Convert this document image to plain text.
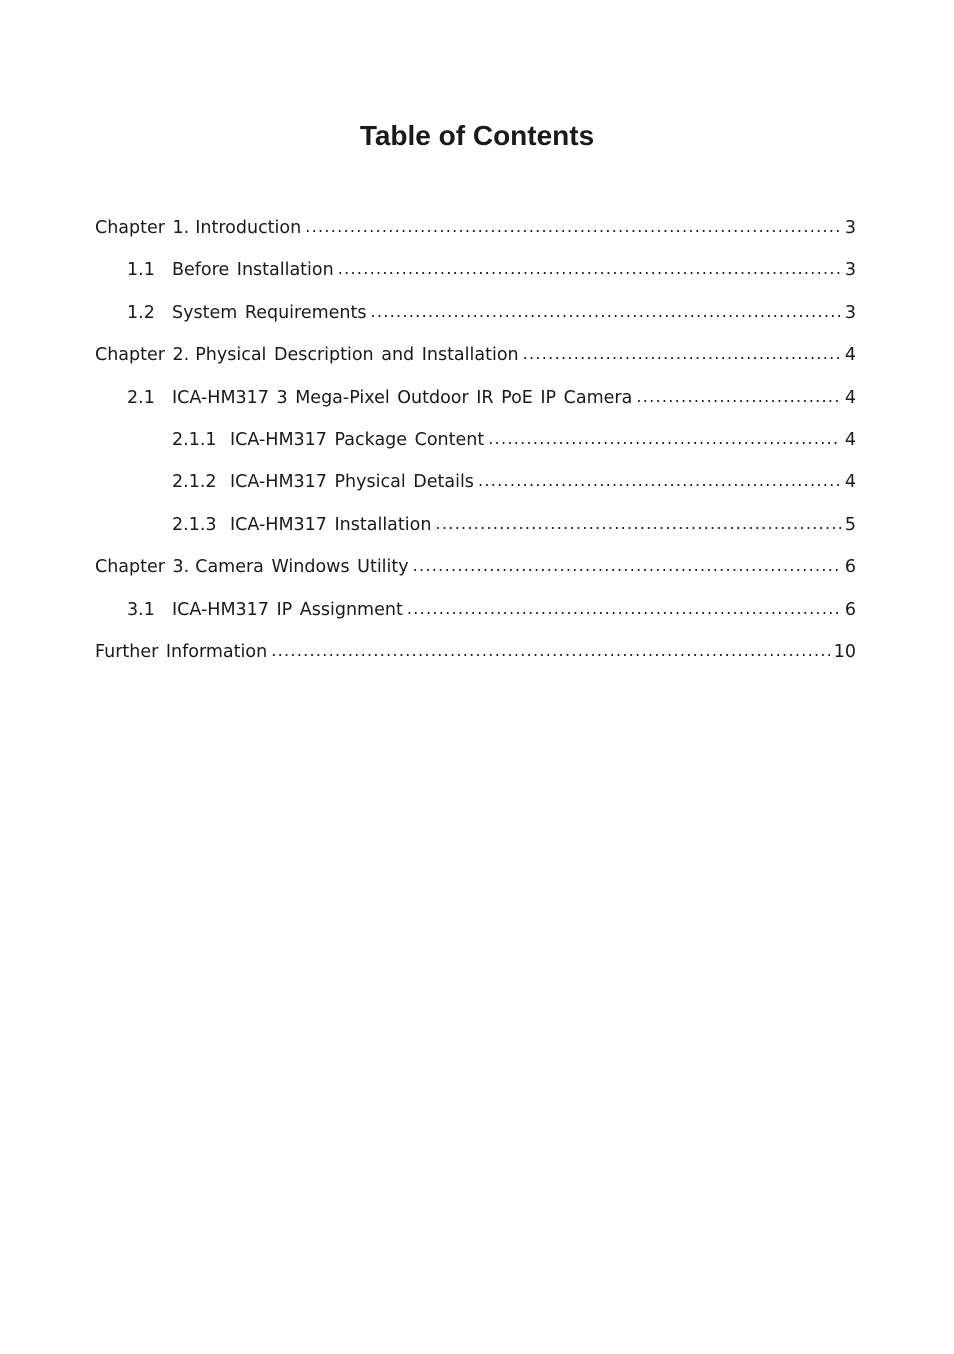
Table of Contents
Chapter 1. Introduction .....	3
1.1 Before Installation .....	3
1.2 System Requirements .....	3
Chapter 2. Physical Description and Installation .....	4
2.1 ICA-HM317 3 Mega-Pixel Outdoor IR PoE IP Camera .....	4
2.1.1 ICA-HM317 Package Content .....	4
2.1.2 ICA-HM317 Physical Details .....	4
2.1.3 ICA-HM317 Installation .....	5
Chapter 3. Camera Windows Utility .....	6
3.1 ICA-HM317 IP Assignment .....	6
Further Information .....	10
